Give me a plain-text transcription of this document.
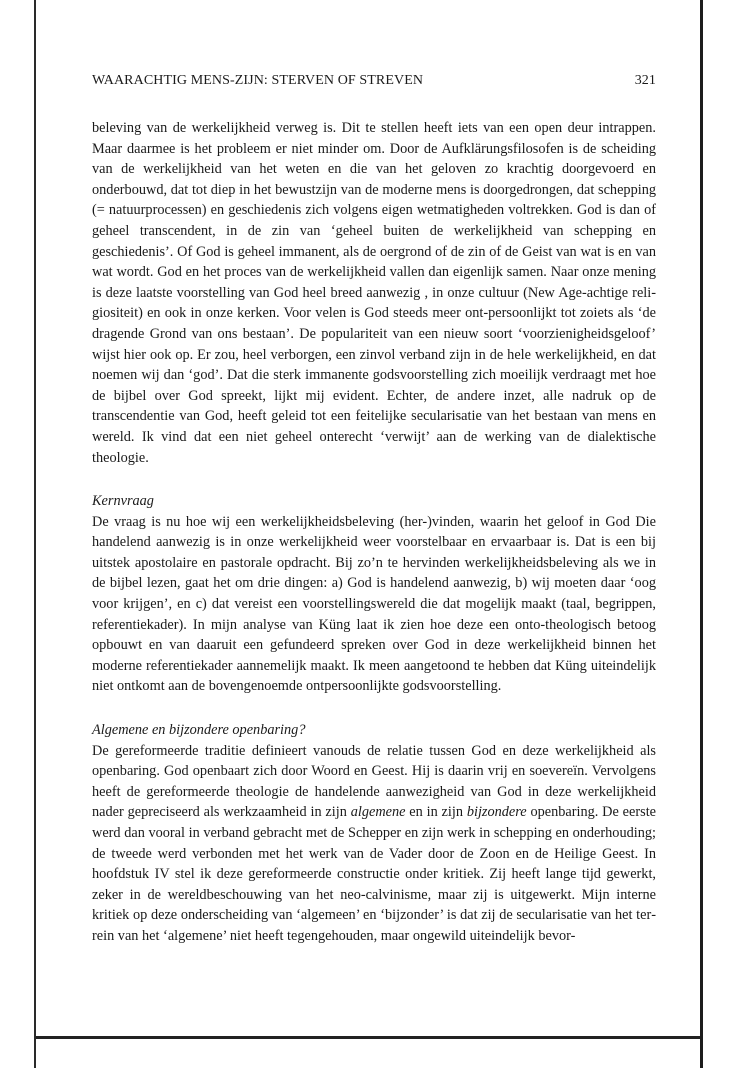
WAARACHTIG MENS-ZIJN: STERVEN OF STREVEN	321

beleving van de werkelijkheid verweg is. Dit te stellen heeft iets van een open deur intrappen. Maar daarmee is het probleem er niet minder om. Door de Aufklärungsfilosofen is de scheiding van de werkelijkheid van het weten en die van het geloven zo krachtig doorgevoerd en onderbouwd, dat tot diep in het bewustzijn van de moderne mens is doorgedrongen, dat schepping (= natuurprocessen) en geschiedenis zich volgens eigen wetmatigheden voltrekken. God is dan of geheel transcendent, in de zin van ‘geheel buiten de werkelijkheid van schepping en geschiedenis’. Of God is geheel immanent, als de oergrond of de zin of de Geist van wat is en van wat wordt. God en het proces van de werkelijkheid vallen dan eigenlijk samen. Naar onze mening is deze laatste voorstelling van God heel breed aanwezig , in onze cultuur (New Age-achtige religiositeit) en ook in onze kerken. Voor velen is God steeds meer ont-persoonlijkt tot zoiets als ‘de dragende Grond van ons bestaan’. De populariteit van een nieuw soort ‘voorzienigheidsgeloof’ wijst hier ook op. Er zou, heel verborgen, een zinvol verband zijn in de hele werkelijkheid, en dat noemen wij dan ‘god’. Dat die sterk immanente godsvoorstelling zich moeilijk verdraagt met hoe de bijbel over God spreekt, lijkt mij evident. Echter, de andere inzet, alle nadruk op de transcendentie van God, heeft geleid tot een feitelijke secularisatie van het bestaan van mens en wereld. Ik vind dat een niet geheel onterecht ‘verwijt’ aan de werking van de dialektische theologie.

Kernvraag

De vraag is nu hoe wij een werkelijkheidsbeleving (her-)vinden, waarin het geloof in God Die handelend aanwezig is in onze werkelijkheid weer voorstelbaar en ervaarbaar is. Dat is een bij uitstek apostolaire en pastorale opdracht. Bij zo’n te hervinden werkelijkheidsbeleving als we in de bijbel lezen, gaat het om drie dingen: a) God is handelend aanwezig, b) wij moeten daar ‘oog voor krijgen’, en c) dat vereist een voorstellingswereld die dat mogelijk maakt (taal, begrippen, referentiekader). In mijn analyse van Küng laat ik zien hoe deze een onto-theologisch betoog opbouwt en van daaruit een gefundeerd spreken over God in deze werkelijkheid binnen het moderne referentiekader aannemelijk maakt. Ik meen aangetoond te hebben dat Küng uiteindelijk niet ontkomt aan de bovengenoemde ontpersoonlijkte godsvoorstelling.

Algemene en bijzondere openbaring?

De gereformeerde traditie definieert vanouds de relatie tussen God en deze werkelijkheid als openbaring. God openbaart zich door Woord en Geest. Hij is daarin vrij en soevereïn. Vervolgens heeft de gereformeerde theologie de handelende aanwezigheid van God in deze werkelijkheid nader gepreciseerd als werkzaamheid in zijn algemene en in zijn bijzondere openbaring. De eerste werd dan vooral in verband gebracht met de Schepper en zijn werk in schepping en onderhouding; de tweede werd verbonden met het werk van de Vader door de Zoon en de Heilige Geest. In hoofdstuk IV stel ik deze gereformeerde constructie onder kritiek. Zij heeft lange tijd gewerkt, zeker in de wereldbeschouwing van het neo-calvinisme, maar zij is uitgewerkt. Mijn interne kritiek op deze onderscheiding van ‘algemeen’ en ‘bijzonder’ is dat zij de secularisatie van het terrein van het ‘algemene’ niet heeft tegengehouden, maar ongewild uiteindelijk bevor-
